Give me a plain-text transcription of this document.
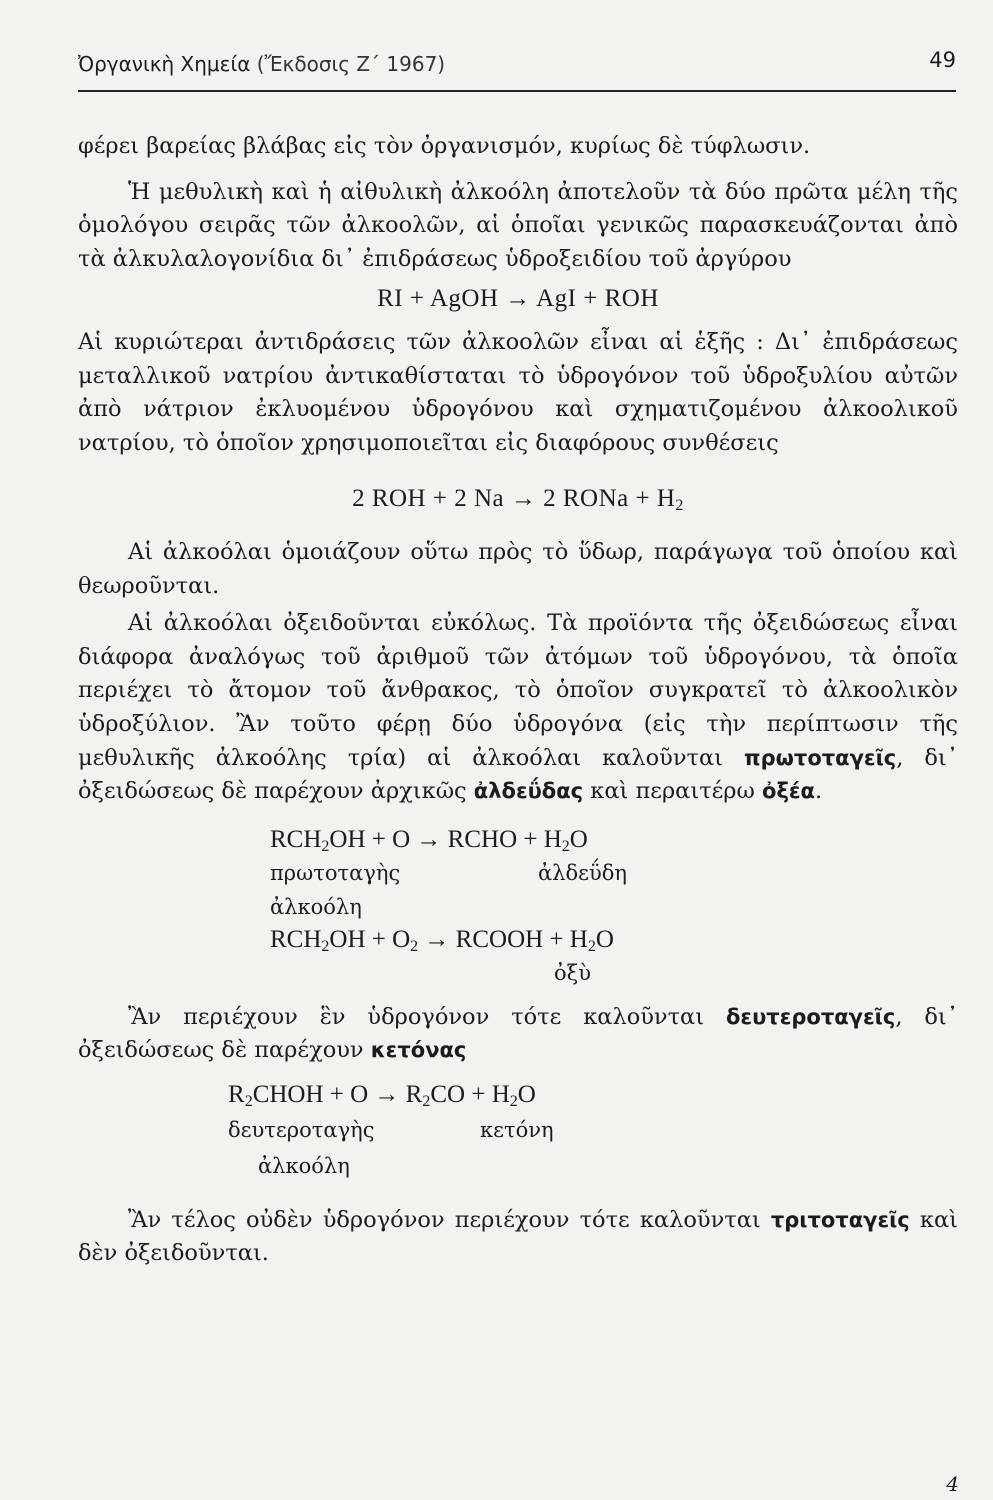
Ὀργανικὴ Χημεία (Ἔκδοσις Ζ΄ 1967)	49

φέρει βαρείας βλάβας εἰς τὸν ὀργανισμόν, κυρίως δὲ τύφλωσιν.

Ἡ μεθυλικὴ καὶ ἡ αἰθυλικὴ ἀλκοόλη ἀποτελοῦν τὰ δύο πρῶτα μέλη τῆς ὁμολόγου σειρᾶς τῶν ἀλκοολῶν, αἱ ὁποῖαι γενικῶς παρασκευάζονται ἀπὸ τὰ ἀλκυλαλογονίδια δι᾽ ἐπιδράσεως ὑδροξειδίου τοῦ ἀργύρου

RI + AgOH → AgI + ROH

Αἱ κυριώτεραι ἀντιδράσεις τῶν ἀλκοολῶν εἶναι αἱ ἑξῆς : Δι᾽ ἐπιδράσεως μεταλλικοῦ νατρίου ἀντικαθίσταται τὸ ὑδρογόνον τοῦ ὑδροξυλίου αὐτῶν ἀπὸ νάτριον ἐκλυομένου ὑδρογόνου καὶ σχηματιζομένου ἀλκοολικοῦ νατρίου, τὸ ὁποῖον χρησιμοποιεῖται εἰς διαφόρους συνθέσεις

2 ROH + 2 Na → 2 RONa + $H_2$

Αἱ ἀλκοόλαι ὁμοιάζουν οὕτω πρὸς τὸ ὕδωρ, παράγωγα τοῦ ὁποίου καὶ θεωροῦνται.

Αἱ ἀλκοόλαι ὀξειδοῦνται εὐκόλως. Τὰ προϊόντα τῆς ὀξειδώσεως εἶναι διάφορα ἀναλόγως τοῦ ἀριθμοῦ τῶν ἀτόμων τοῦ ὑδρογόνου, τὰ ὁποῖα περιέχει τὸ ἄτομον τοῦ ἄνθρακος, τὸ ὁποῖον συγκρατεῖ τὸ ἀλκοολικὸν ὑδροξύλιον. Ἂν τοῦτο φέρῃ δύο ὑδρογόνα (εἰς τὴν περίπτωσιν τῆς μεθυλικῆς ἀλκοόλης τρία) αἱ ἀλκοόλαι καλοῦνται πρωτοταγεῖς, δι᾽ ὀξειδώσεως δὲ παρέχουν ἀρχικῶς ἀλδεΰδας καὶ περαιτέρω ὀξέα.

$RCH_2OH + O$ → RCHO + $H_2O$
πρωτοταγὴς	ἀλδεΰδη
ἀλκοόλη
$RCH_2OH + O_2$ → RCOOH + $H_2O$
ὀξὺ

Ἂν περιέχουν ἓν ὑδρογόνον τότε καλοῦνται δευτεροταγεῖς, δι᾽ ὀξειδώσεως δὲ παρέχουν κετόνας

$R_2CHOH + O \to R_2CO + H_2O$
δευτεροταγὴς	κετόνη
ἀλκοόλη

Ἂν τέλος οὐδὲν ὑδρογόνον περιέχουν τότε καλοῦνται τριτοταγεῖς καὶ δὲν ὀξειδοῦνται.

4
